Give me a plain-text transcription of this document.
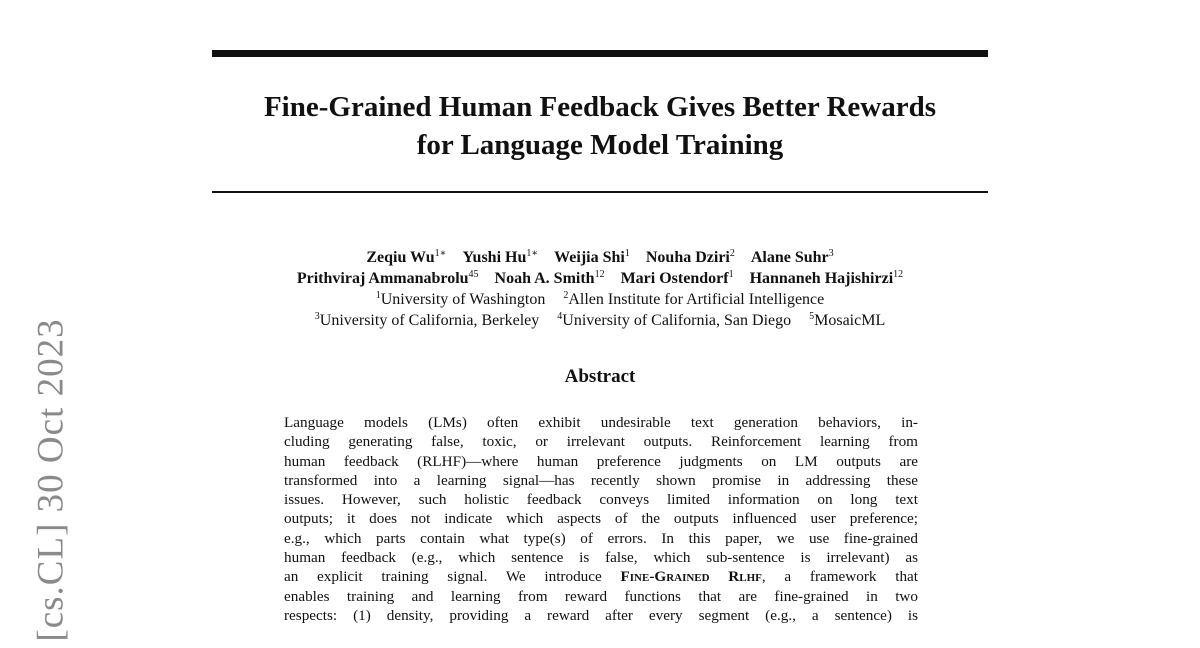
[cs.CL] 30 Oct 2023
Fine-Grained Human Feedback Gives Better Rewards
for Language Model Training
Zeqiu $Wu^{1∗}$ Yushi $Hu^{1∗}$ Weijia Shi$^1$ Nouha Dziri$^2$ Alane Suhr$^3$
Prithviraj Ammanabrolu$^{45}$ Noah A. Smith$^{12}$ Mari Ostendorf$^1$ Hannaneh Hajishirzi$^{12}$
$^1$University of Washington $^2$Allen Institute for Artificial Intelligence
$^3$University of California, Berkeley $^4$University of California, San Diego $^5$MosaicML
Abstract
Language models (LMs) often exhibit undesirable text generation behaviors, in-
cluding generating false, toxic, or irrelevant outputs. Reinforcement learning from
human feedback (RLHF)—where human preference judgments on LM outputs are
transformed into a learning signal—has recently shown promise in addressing these
issues. However, such holistic feedback conveys limited information on long text
outputs; it does not indicate which aspects of the outputs influenced user preference;
e.g., which parts contain what type(s) of errors. In this paper, we use fine-grained
human feedback (e.g., which sentence is false, which sub-sentence is irrelevant) as
an explicit training signal. We introduce Fine-Grained Rlhf, a framework that
enables training and learning from reward functions that are fine-grained in two
respects: (1) density, providing a reward after every segment (e.g., a sentence) is
